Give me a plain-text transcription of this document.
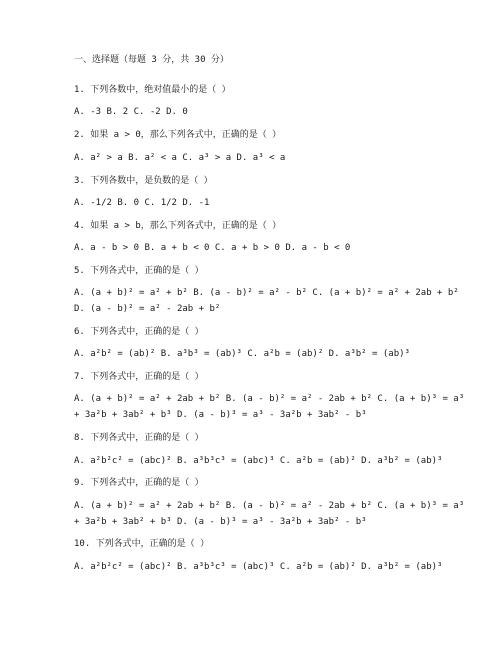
一、选择题（每题 3 分，共 30 分）
1. 下列各数中，绝对值最小的是（ ）
A. -3 B. 2 C. -2 D. 0
2. 如果 a > 0，那么下列各式中，正确的是（ ）
A. a² > a B. a² < a C. a³ > a D. a³ < a
3. 下列各数中，是负数的是（ ）
A. -1/2 B. 0 C. 1/2 D. -1
4. 如果 a > b，那么下列各式中，正确的是（ ）
A. a - b > 0 B. a + b < 0 C. a + b > 0 D. a - b < 0
5. 下列各式中，正确的是（ ）
A. (a + b)² = a² + b² B. (a - b)² = a² - b² C. (a + b)² = a² + 2ab + b²
D. (a - b)² = a² - 2ab + b²
6. 下列各式中，正确的是（ ）
A. a²b² = (ab)² B. a³b³ = (ab)³ C. a²b = (ab)² D. a³b² = (ab)³
7. 下列各式中，正确的是（ ）
A. (a + b)² = a² + 2ab + b² B. (a - b)² = a² - 2ab + b² C. (a + b)³ = a³
+ 3a²b + 3ab² + b³ D. (a - b)³ = a³ - 3a²b + 3ab² - b³
8. 下列各式中，正确的是（ ）
A. a²b²c² = (abc)² B. a³b³c³ = (abc)³ C. a²b = (ab)² D. a³b² = (ab)³
9. 下列各式中，正确的是（ ）
A. (a + b)² = a² + 2ab + b² B. (a - b)² = a² - 2ab + b² C. (a + b)³ = a³
+ 3a²b + 3ab² + b³ D. (a - b)³ = a³ - 3a²b + 3ab² - b³
10. 下列各式中，正确的是（ ）
A. a²b²c² = (abc)² B. a³b³c³ = (abc)³ C. a²b = (ab)² D. a³b² = (ab)³
